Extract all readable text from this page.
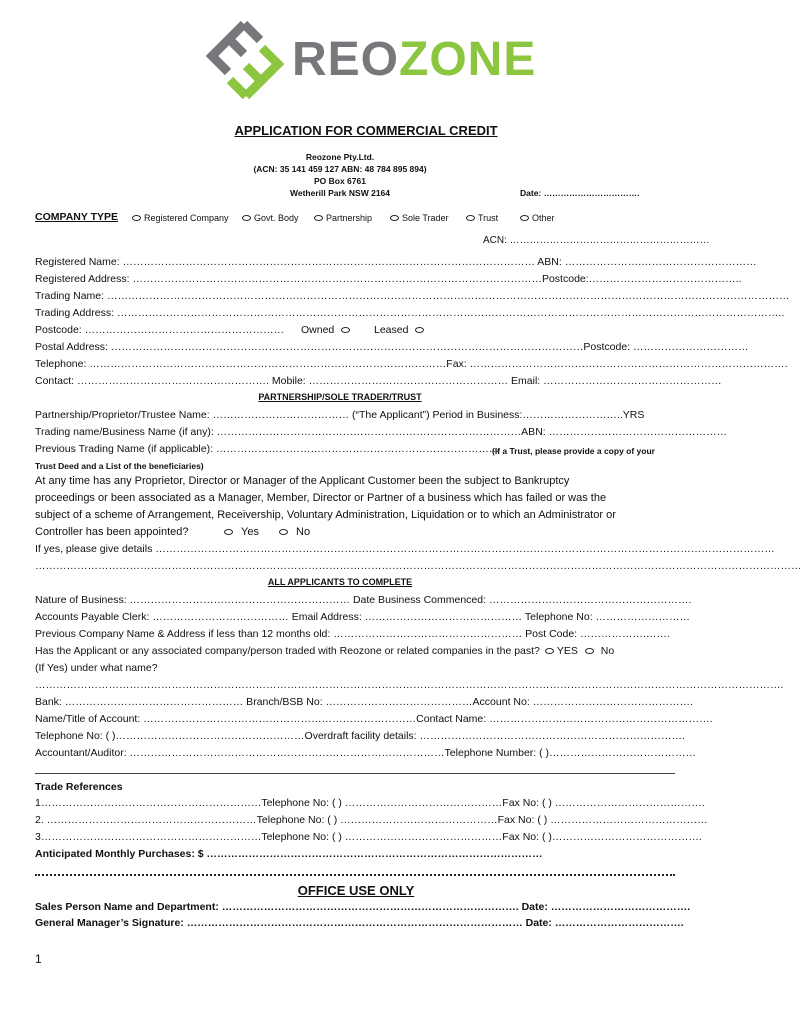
REOZONE
APPLICATION FOR COMMERCIAL CREDIT
Reozone Pty.Ltd.
(ACN: 35 141 459 127 ABN: 48 784 895 894)
PO Box 6761
Wetherill Park NSW 2164	Date: …………………………….
COMPANY TYPE	Registered Company	Govt. Body	Partnership	Sole Trader	Trust	Other
ACN: ……………………………………………………
Registered Name: …………………………………………………………………….………………………………… ABN: ………………….……………………………
Registered Address: ………………………………………………………………………………………………………Postcode:……………………………………..
Trading Name: ……………………………………………………………………………………………………………………………………………………………………………
Trading Address: ………………………………………………………………………………………………………………………………………………………………………..
Postcode: ………………………………………………… Owned	Leased
Postal Address: ………………………………………………………………………………………………………………………Postcode: ……………………………
Telephone: …………………………………………………………………………………………Fax: ……………………………………………………………………………….
Contact: ………………………………………………. Mobile: ………………………………………………… Email: ……………………………………………
PARTNERSHIP/SOLE TRADER/TRUST
Partnership/Proprietor/Trustee Name: ………………………………… (“The Applicant”) Period in Business:………………………..YRS
Trading name/Business Name (if any): ……………………………………………………………………………ABN: ……………………………………………
Previous Trading Name (if applicable): ………………………………………………………………………
(If a Trust, please provide a copy of your
Trust Deed and a List of the beneficiaries)
At any time has any Proprietor, Director or Manager of the Applicant Customer been the subject to Bankruptcy
proceedings or been associated as a Manager, Member, Director or Partner of a business which has failed or was the
subject of a scheme of Arrangement, Receivership, Voluntary Administration, Liquidation or to which an Administrator or
Controller has been appointed?	Yes	No
If yes, please give details ……………………………………………………………………………………………………………………………………………………………
…………………………………………………………………………………………………………………………………………………………………………………………………
ALL APPLICANTS TO COMPLETE
Nature of Business: ……………………………………………………… Date Business Commenced: ………………………………………………….
Accounts Payable Clerk: ………………………………… Email Address: ……………………………………… Telephone No: ………………………
Previous Company Name & Address if less than 12 months old: ……………………………………………… Post Code: ……………….…….
Has the Applicant or any associated company/person traded with Reozone or related companies in the past? YES No
(If Yes) under what name?
…………………………………………………………………………………………………………………………………………………………………………………………….
Bank: …………………………………………… Branch/BSB No: ……………………………………Account No: ……………………………………….
Name/Title of Account: ……………………………………………………………………Contact Name: ……………………………………………………….
Telephone No: ( )………………………………………………Overdraft facility details: ………………………………………………………………….
Accountant/Auditor: ………………………………………………………………………………Telephone Number: ( )……………………………………
Trade References
1………………………………………………………Telephone No: ( ) ………………………………………Fax No: ( ) …………………………………….
2. ……………………………………………………Telephone No: ( ) ………………………………………Fax No: ( ) ………………………………………
3………………………………………………………Telephone No: ( ) ………………………………………Fax No: ( )…………………………………….
Anticipated Monthly Purchases: $ ……………………………………………………………………………………
OFFICE USE ONLY
Sales Person Name and Department: …………………………………………………………………………. Date: ………………………………….
General Manager’s Signature: …………………………………………………………………………………… Date: ……………………………….
1
